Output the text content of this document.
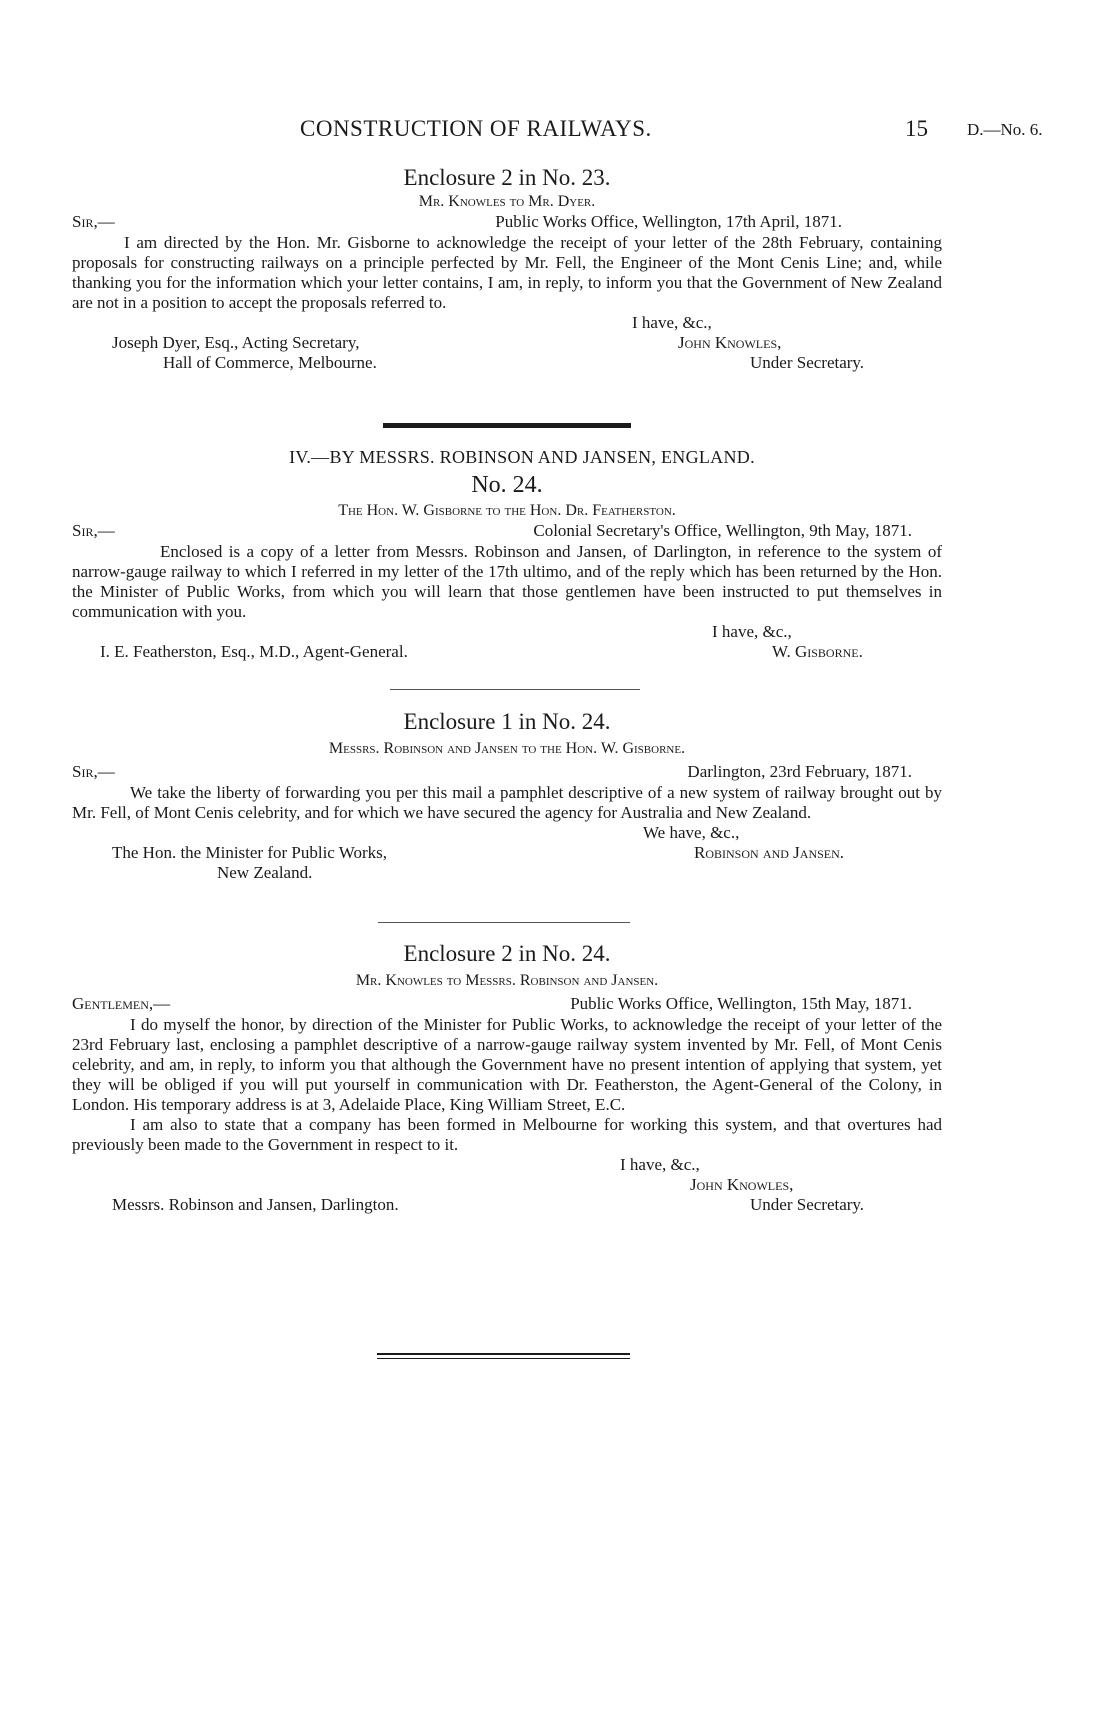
CONSTRUCTION OF RAILWAYS.	15 D.—No. 6.
Enclosure 2 in No. 23.
Mr. Knowles to Mr. Dyer.
Sir,—	Public Works Office, Wellington, 17th April, 1871.

I am directed by the Hon. Mr. Gisborne to acknowledge the receipt of your letter of the 28th February, containing proposals for constructing railways on a principle perfected by Mr. Fell, the Engineer of the Mont Cenis Line; and, while thanking you for the information which your letter contains, I am, in reply, to inform you that the Government of New Zealand are not in a position to accept the proposals referred to.

I have, &c.,
Joseph Dyer, Esq., Acting Secretary,	John Knowles,
Hall of Commerce, Melbourne.	Under Secretary.
IV.—BY MESSRS. ROBINSON AND JANSEN, ENGLAND.
No. 24.
The Hon. W. Gisborne to the Hon. Dr. Featherston.
Sir,—	Colonial Secretary's Office, Wellington, 9th May, 1871.

Enclosed is a copy of a letter from Messrs. Robinson and Jansen, of Darlington, in reference to the system of narrow-gauge railway to which I referred in my letter of the 17th ultimo, and of the reply which has been returned by the Hon. the Minister of Public Works, from which you will learn that those gentlemen have been instructed to put themselves in communication with you.

I have, &c.,
I. E. Featherston, Esq., M.D., Agent-General.	W. Gisborne.
Enclosure 1 in No. 24.
Messrs. Robinson and Jansen to the Hon. W. Gisborne.
Sir,—	Darlington, 23rd February, 1871.

We take the liberty of forwarding you per this mail a pamphlet descriptive of a new system of railway brought out by Mr. Fell, of Mont Cenis celebrity, and for which we have secured the agency for Australia and New Zealand.

We have, &c.,
The Hon. the Minister for Public Works,	Robinson and Jansen.
New Zealand.
Enclosure 2 in No. 24.
Mr. Knowles to Messrs. Robinson and Jansen.
Gentlemen,—	Public Works Office, Wellington, 15th May, 1871.

I do myself the honor, by direction of the Minister for Public Works, to acknowledge the receipt of your letter of the 23rd February last, enclosing a pamphlet descriptive of a narrow-gauge railway system invented by Mr. Fell, of Mont Cenis celebrity, and am, in reply, to inform you that although the Government have no present intention of applying that system, yet they will be obliged if you will put yourself in communication with Dr. Featherston, the Agent-General of the Colony, in London. His temporary address is at 3, Adelaide Place, King William Street, E.C.

I am also to state that a company has been formed in Melbourne for working this system, and that overtures had previously been made to the Government in respect to it.

I have, &c.,
John Knowles,
Messrs. Robinson and Jansen, Darlington.	Under Secretary.
